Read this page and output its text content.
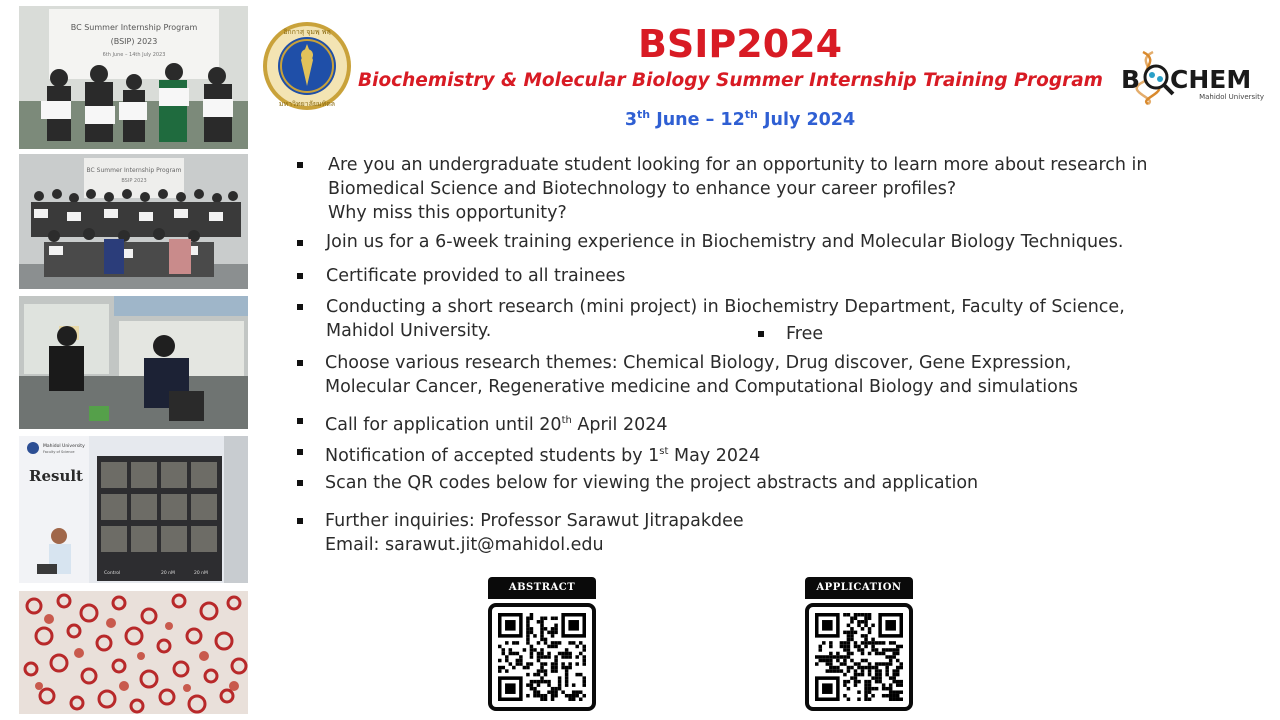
BC Summer Internship Program
(BSIP) 2023
6th June – 14th July 2023
BC Summer Internship Program
BSIP 2023
Mahidol University
Faculty of Science
Result
Control	20 nM	20 nM
อิกกาสุ จุมพฺ พลฺ
มหาวิทยาลัยมหิดล
B CHEM
Mahidol University
BSIP2024
Biochemistry & Molecular Biology Summer Internship Training Program
3th June – 12th July 2024
Are you an undergraduate student looking for an opportunity to learn more about research in
Biomedical Science and Biotechnology to enhance your career profiles?
Why miss this opportunity?
Join us for a 6-week training experience in Biochemistry and Molecular Biology Techniques.
Certificate provided to all trainees
Conducting a short research (mini project) in Biochemistry Department, Faculty of Science,
Mahidol University.	Free
Choose various research themes: Chemical Biology, Drug discover, Gene Expression,
Molecular Cancer, Regenerative medicine and Computational Biology and simulations
Call for application until 20th April 2024
Notification of accepted students by 1st May 2024
Scan the QR codes below for viewing the project abstracts and application
Further inquiries: Professor Sarawut Jitrapakdee
Email: sarawut.jit@mahidol.edu
ABSTRACT	APPLICATION
